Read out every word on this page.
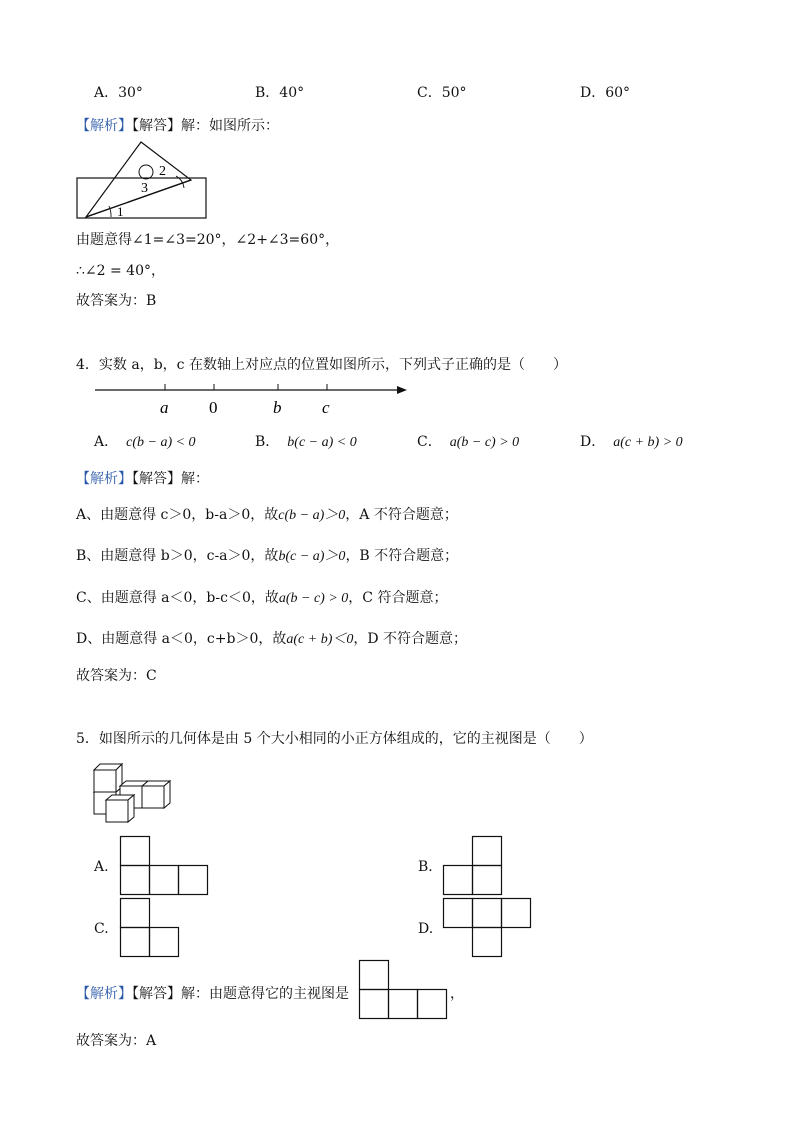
A．30°	B．40°	C．50°	D．60°
【解析】【解答】解：如图所示：
2
3
1
由题意得∠1=∠3=20°，∠2+∠3=60°，
∴∠2 = 40°，
故答案为：B
4．实数 a，b，c 在数轴上对应点的位置如图所示，下列式子正确的是（　　）
a 0	b c
A． c(b − a) < 0	B． b(c − a) < 0	C． a(b − c) > 0	D． a(c + b) > 0
【解析】【解答】解：
A、由题意得 c＞0，b-a＞0，故c(b − a)＞0，A 不符合题意；
B、由题意得 b＞0，c-a＞0，故b(c − a)＞0，B 不符合题意；
C、由题意得 a＜0，b-c＜0，故a(b − c) > 0，C 符合题意；
D、由题意得 a＜0，c+b＞0，故a(c + b)＜0，D 不符合题意；
故答案为：C
5．如图所示的几何体是由 5 个大小相同的小正方体组成的，它的主视图是（　　）
A.	B.
C.	D.
【解析】【解答】解：由题意得它的主视图是	，
故答案为：A
